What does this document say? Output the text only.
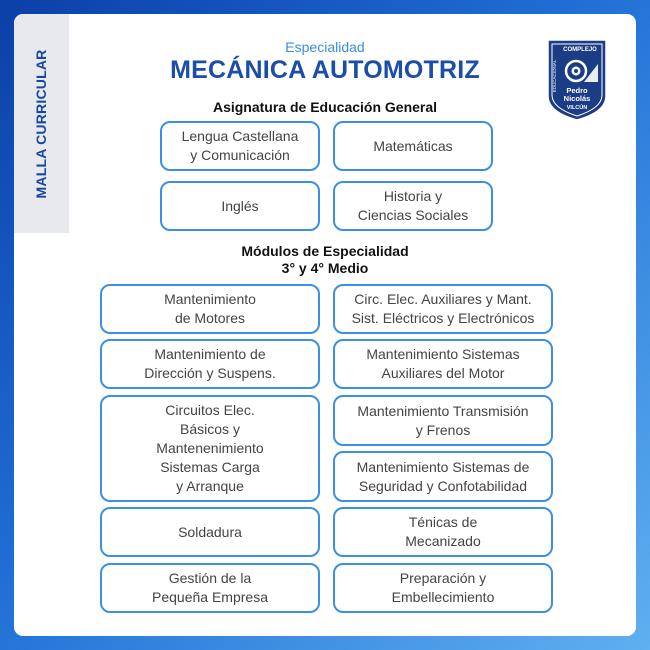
MALLA CURRICULAR
Especialidad
MECÁNICA AUTOMOTRIZ
COMPLEJO
EDUCACIONAL Pedro
Nicolás
VILCÚN
Asignatura de Educación General
Lengua Castellana
y Comunicación
Matemáticas
Inglés
Historia y
Ciencias Sociales
Módulos de Especialidad
3° y 4° Medio
Mantenimiento
de Motores
Circ. Elec. Auxiliares y Mant.
Sist. Eléctricos y Electrónicos
Mantenimiento de
Dirección y Suspens.
Mantenimiento Sistemas
Auxiliares del Motor
Circuitos Elec.
Básicos y
Mantenenimiento
Sistemas Carga
y Arranque
Mantenimiento Transmisión
y Frenos
Mantenimiento Sistemas de
Seguridad y Confotabilidad
Soldadura
Ténicas de
Mecanizado
Gestión de la
Pequeña Empresa
Preparación y
Embellecimiento
